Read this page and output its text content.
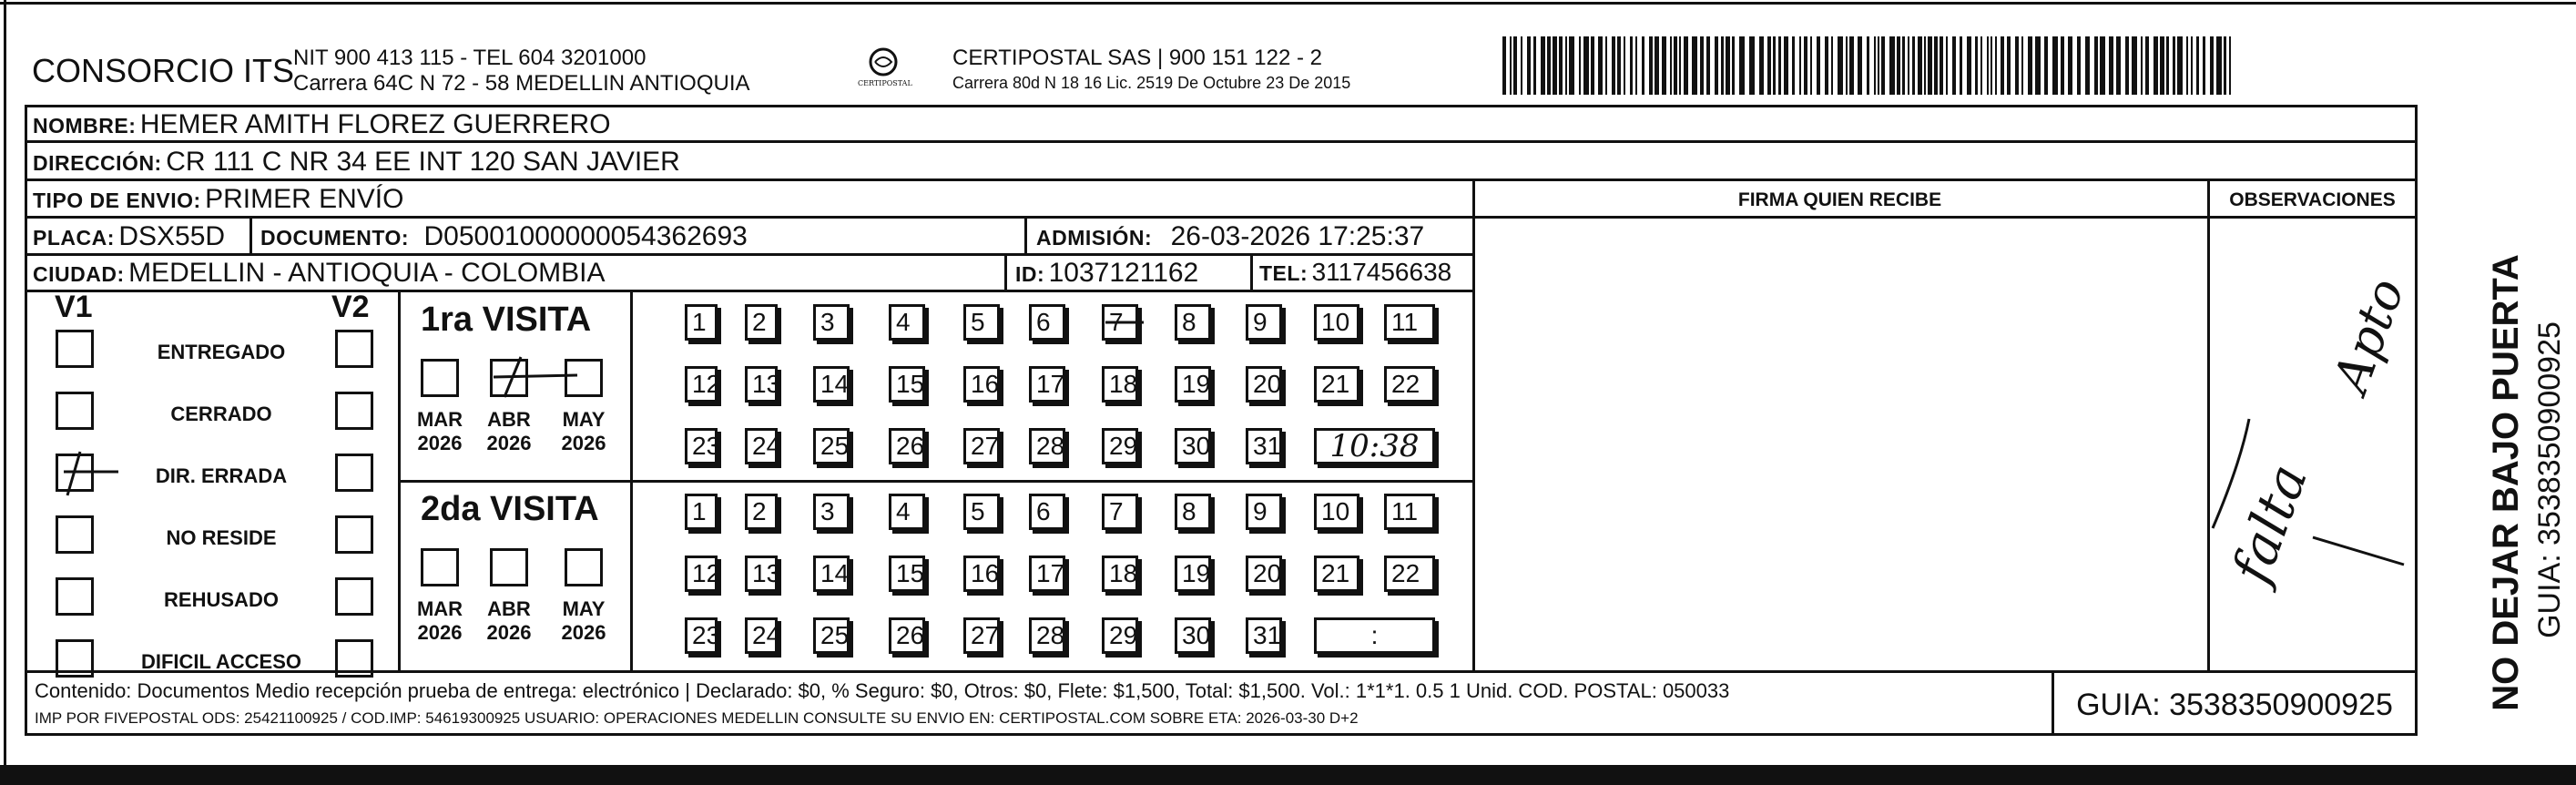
CONSORCIO ITS
NIT 900 413 115 - TEL 604 3201000
Carrera 64C N 72 - 58 MEDELLIN ANTIOQUIA	CERTIPOSTAL
CERTIPOSTAL SAS | 900 151 122 - 2
Carrera 80d N 18 16 Lic. 2519 De Octubre 23 De 2015
NOMBRE: HEMER AMITH FLOREZ GUERRERO
DIRECCIÓN: CR 111 C NR 34 EE INT 120 SAN JAVIER
TIPO DE ENVIO: PRIMER ENVÍO
PLACA: DSX55D DOCUMENTO: D05001000000054362693	ADMISIÓN: 26-03-2026 17:25:37
CIUDAD: MEDELLIN - ANTIOQUIA - COLOMBIA	ID: 1037121162	TEL: 3117456638
FIRMA QUIEN RECIBE	OBSERVACIONES
V1	V2
ENTREGADO
CERRADO
DIR. ERRADA
NO RESIDE
REHUSADO
DIFICIL ACCESO
1ra VISITA
MAR
2026
ABR
2026
MAY
2026
1	2	3	4	5	6	7	8	9	10	11
12 13 14 15 16 17 18 19 20 21	22
23 24 25 26 27 28 29 30 31	10:38
2da VISITA
MAR
2026
ABR
2026
MAY
2026
1	2	3	4	5	6	7	8	9	10	11
12 13 14 15 16 17 18 19 20 21	22
23 24 25 26 27 28 29 30 31	:
falta
Apto
Contenido: Documentos Medio recepción prueba de entrega: electrónico | Declarado: $0, % Seguro: $0, Otros: $0, Flete: $1,500, Total: $1,500. Vol.: 1*1*1. 0.5 1 Unid. COD. POSTAL: 050033
IMP POR FIVEPOSTAL ODS: 25421100925 / COD.IMP: 54619300925 USUARIO: OPERACIONES MEDELLIN CONSULTE SU ENVIO EN: CERTIPOSTAL.COM SOBRE ETA: 2026-03-30 D+2	GUIA: 3538350900925	NO DEJAR BAJO PUERTA GUIA: 3538350900925
